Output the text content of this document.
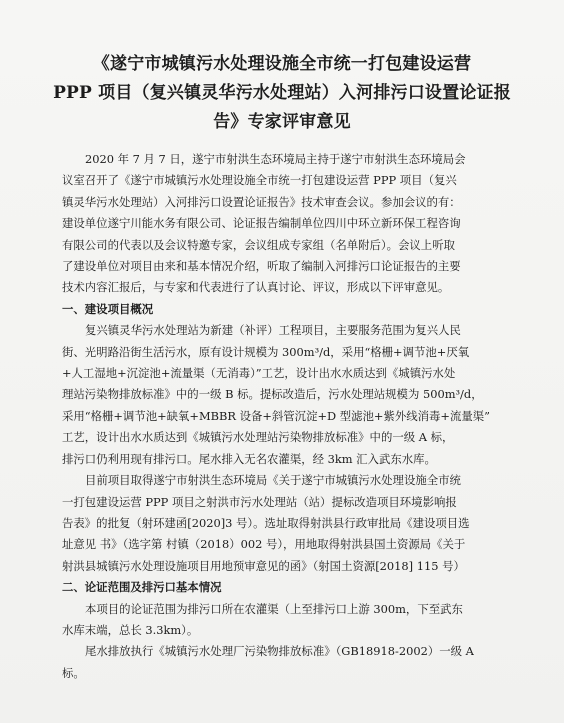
《遂宁市城镇污水处理设施全市统一打包建设运营
PPP 项目（复兴镇灵华污水处理站）入河排污口设置论证报
告》专家评审意见
2020 年 7 月 7 日，遂宁市射洪生态环境局主持于遂宁市射洪生态环境局会
议室召开了《遂宁市城镇污水处理设施全市统一打包建设运营 PPP 项目（复兴
镇灵华污水处理站）入河排污口设置论证报告》技术审查会议。参加会议的有：
建设单位遂宁川能水务有限公司、论证报告编制单位四川中环立新环保工程咨询
有限公司的代表以及会议特邀专家，会议组成专家组（名单附后）。会议上听取
了建设单位对项目由来和基本情况介绍，听取了编制入河排污口论证报告的主要
技术内容汇报后，与专家和代表进行了认真讨论、评议，形成以下评审意见。
一、建设项目概况
复兴镇灵华污水处理站为新建（补评）工程项目，主要服务范围为复兴人民
街、光明路沿街生活污水，原有设计规模为 300m³/d，采用“格栅+调节池+厌氧
+人工湿地+沉淀池+流量渠（无消毒）”工艺，设计出水水质达到《城镇污水处
理站污染物排放标准》中的一级 B 标。提标改造后，污水处理站规模为 500m³/d，
采用“格栅+调节池+缺氧+MBBR 设备+斜管沉淀+D 型滤池+紫外线消毒+流量渠”
工艺，设计出水水质达到《城镇污水处理站污染物排放标准》中的一级 A 标，
排污口仍利用现有排污口。尾水排入无名农灌渠，经 3km 汇入武东水库。
目前项目取得遂宁市射洪生态环境局《关于遂宁市城镇污水处理设施全市统
一打包建设运营 PPP 项目之射洪市污水处理站（站）提标改造项目环境影响报
告表》的批复（射环建函[2020]3 号）。选址取得射洪县行政审批局《建设项目选
址意见 书》（选字第 村镇（2018）002 号），用地取得射洪县国土资源局《关于
射洪县城镇污水处理设施项目用地预审意见的函》（射国土资源[2018] 115 号）
二、论证范围及排污口基本情况
本项目的论证范围为排污口所在农灌渠（上至排污口上游 300m，下至武东
水库末端，总长 3.3km）。
尾水排放执行《城镇污水处理厂污染物排放标准》（GB18918-2002）一级 A
标。
